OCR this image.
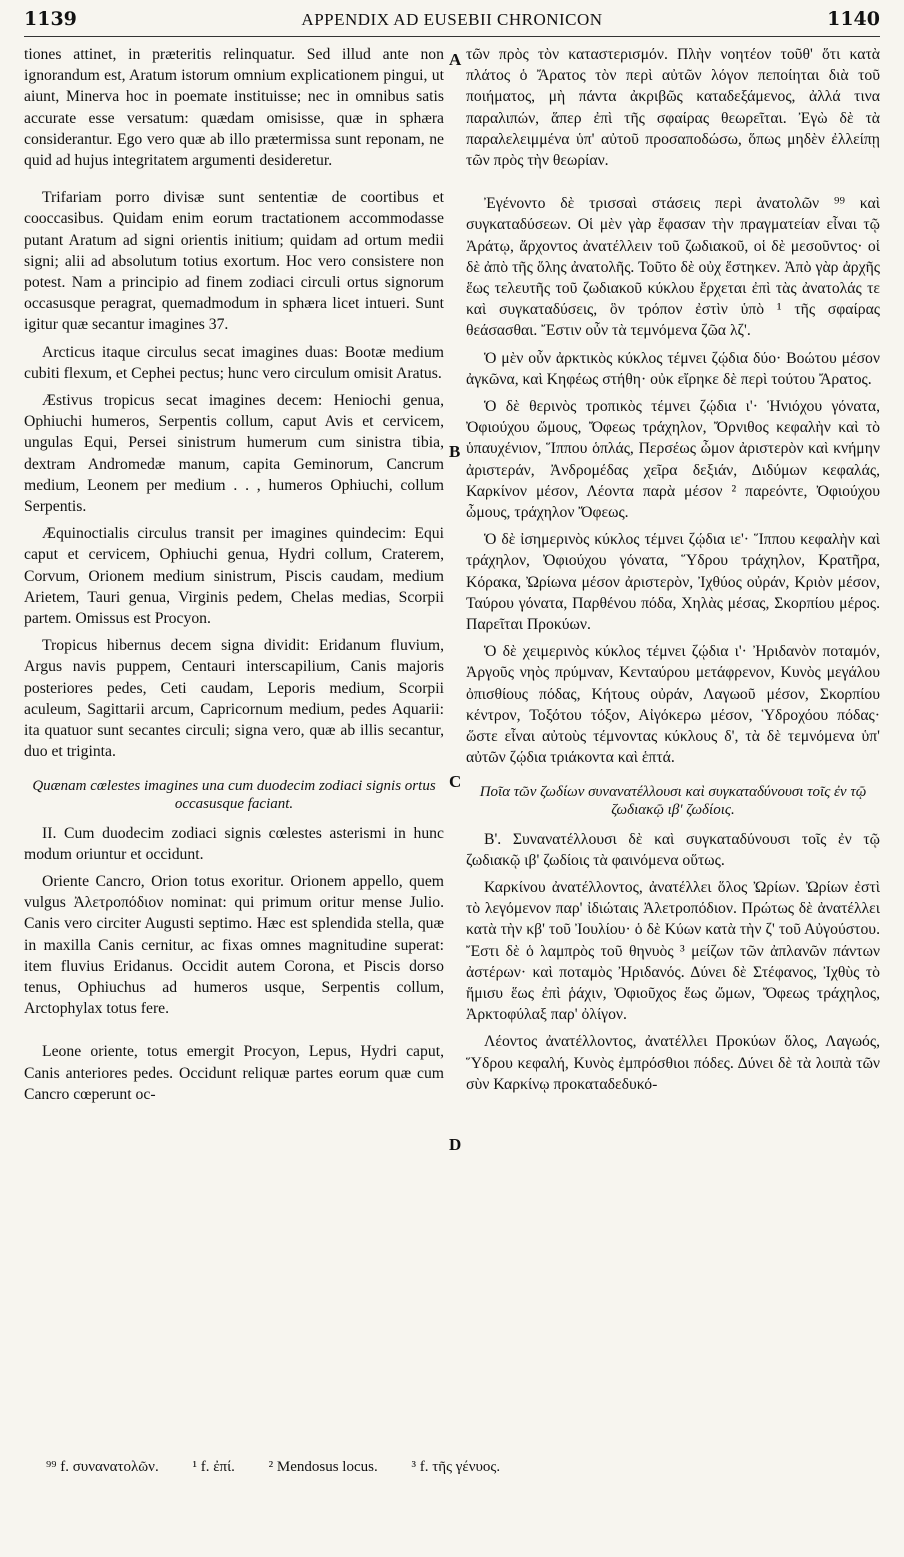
1139	APPENDIX AD EUSEBII CHRONICON	1140

tiones attinet, in præteritis relinquatur. Sed illud ante non ignorandum est, Aratum istorum omnium explicationem pingui, ut aiunt, Minerva hoc in poemate instituisse; nec in omnibus satis accurate esse versatum: quædam omisisse, quæ in sphæra considerantur. Ego vero quæ ab illo prætermissa sunt reponam, ne quid ad hujus integritatem argumenti desideretur.

Trifariam porro divisæ sunt sententiæ de coortibus et cooccasibus. Quidam enim eorum tractationem accommodasse putant Aratum ad signi orientis initium; quidam ad ortum medii signi; alii ad absolutum totius exortum. Hoc vero consistere non potest. Nam a principio ad finem zodiaci circuli ortus signorum occasusque peragrat, quemadmodum in sphæra licet intueri. Sunt igitur quæ secantur imagines 37.

Arcticus itaque circulus secat imagines duas: Bootæ medium cubiti flexum, et Cephei pectus; hunc vero circulum omisit Aratus.

Æstivus tropicus secat imagines decem: Heniochi genua, Ophiuchi humeros, Serpentis collum, caput Avis et cervicem, ungulas Equi, Persei sinistrum humerum cum sinistra tibia, dextram Andromedæ manum, capita Geminorum, Cancrum medium, Leonem per medium . . , humeros Ophiuchi, collum Serpentis.

Æquinoctialis circulus transit per imagines quindecim: Equi caput et cervicem, Ophiuchi genua, Hydri collum, Craterem, Corvum, Orionem medium sinistrum, Piscis caudam, medium Arietem, Tauri genua, Virginis pedem, Chelas medias, Scorpii partem. Omissus est Procyon.

Tropicus hibernus decem signa dividit: Eridanum fluvium, Argus navis puppem, Centauri interscapilium, Canis majoris posteriores pedes, Ceti caudam, Leporis medium, Scorpii aculeum, Sagittarii arcum, Capricornum medium, pedes Aquarii: ita quatuor sunt secantes circuli; signa vero, quæ ab illis secantur, duo et triginta.

Quænam cœlestes imagines una cum duodecim zodiaci signis ortus occasusque faciant.

II. Cum duodecim zodiaci signis cœlestes asterismi in hunc modum oriuntur et occidunt.

Oriente Cancro, Orion totus exoritur. Orionem appello, quem vulgus Ἀλετροπόδιον nominat: qui primum oritur mense Julio. Canis vero circiter Augusti septimo. Hæc est splendida stella, quæ in maxilla Canis cernitur, ac fixas omnes magnitudine superat: item fluvius Eridanus. Occidit autem Corona, et Piscis dorso tenus, Ophiuchus ad humeros usque, Serpentis collum, Arctophylax totus fere.

Leone oriente, totus emergit Procyon, Lepus, Hydri caput, Canis anteriores pedes. Occidunt reliquæ partes eorum quæ cum Cancro cœperunt oc-

τῶν πρὸς τὸν καταστερισμόν. Πλὴν νοητέον τοῦθ' ὅτι κατὰ πλάτος ὁ Ἄρατος τὸν περὶ αὐτῶν λόγον πεποίηται διὰ τοῦ ποιήματος, μὴ πάντα ἀκριβῶς καταδεξάμενος, ἀλλά τινα παραλιπών, ἅπερ ἐπὶ τῆς σφαίρας θεωρεῖται. Ἐγὼ δὲ τὰ παραλελειμμένα ὑπ' αὐτοῦ προσαποδώσω, ὅπως μηδὲν ἐλλείπῃ τῶν πρὸς τὴν θεωρίαν.

Ἐγένοντο δὲ τρισσαὶ στάσεις περὶ ἀνατολῶν ⁹⁹ καὶ συγκαταδύσεων. Οἱ μὲν γὰρ ἔφασαν τὴν πραγματείαν εἶναι τῷ Ἀράτῳ, ἄρχοντος ἀνατέλλειν τοῦ ζωδιακοῦ, οἱ δὲ μεσοῦντος· οἱ δὲ ἀπὸ τῆς ὅλης ἀνατολῆς. Τοῦτο δὲ οὐχ ἕστηκεν. Ἀπὸ γὰρ ἀρχῆς ἕως τελευτῆς τοῦ ζωδιακοῦ κύκλου ἔρχεται ἐπὶ τὰς ἀνατολάς τε καὶ συγκαταδύσεις, ὃν τρόπον ἐστὶν ὑπὸ ¹ τῆς σφαίρας θεάσασθαι. Ἔστιν οὖν τὰ τεμνόμενα ζῶα λζ'.

Ὁ μὲν οὖν ἀρκτικὸς κύκλος τέμνει ζῴδια δύο· Βοώτου μέσον ἀγκῶνα, καὶ Κηφέως στήθη· οὐκ εἴρηκε δὲ περὶ τούτου Ἄρατος.

Ὁ δὲ θερινὸς τροπικὸς τέμνει ζῴδια ι'· Ἡνιόχου γόνατα, Ὀφιούχου ὤμους, Ὄφεως τράχηλον, Ὄρνιθος κεφαλὴν καὶ τὸ ὑπαυχένιον, Ἵππου ὁπλάς, Περσέως ὦμον ἀριστερὸν καὶ κνήμην ἀριστεράν, Ἀνδρομέδας χεῖρα δεξιάν, Διδύμων κεφαλάς, Καρκίνον μέσον, Λέοντα παρὰ μέσον ² παρεόντε, Ὀφιούχου ὦμους, τράχηλον Ὄφεως.

Ὁ δὲ ἰσημερινὸς κύκλος τέμνει ζῴδια ιε'· Ἵππου κεφαλὴν καὶ τράχηλον, Ὀφιούχου γόνατα, Ὕδρου τράχηλον, Κρατῆρα, Κόρακα, Ὠρίωνα μέσον ἀριστερὸν, Ἰχθύος οὐράν, Κριὸν μέσον, Ταύρου γόνατα, Παρθένου πόδα, Χηλὰς μέσας, Σκορπίου μέρος. Παρεῖται Προκύων.

Ὁ δὲ χειμερινὸς κύκλος τέμνει ζῴδια ι'· Ἠριδανὸν ποταμόν, Ἀργοῦς νηὸς πρύμναν, Κενταύρου μετάφρενον, Κυνὸς μεγάλου ὀπισθίους πόδας, Κήτους οὐράν, Λαγωοῦ μέσον, Σκορπίου κέντρον, Τοξότου τόξον, Αἰγόκερω μέσον, Ὑδροχόου πόδας· ὥστε εἶναι αὐτοὺς τέμνοντας κύκλους δ', τὰ δὲ τεμνόμενα ὑπ' αὐτῶν ζῴδια τριάκοντα καὶ ἑπτά.

Ποῖα τῶν ζωδίων συνανατέλλουσι καὶ συγκαταδύνουσι τοῖς ἐν τῷ ζωδιακῷ ιβ' ζωδίοις.

Β'. Συνανατέλλουσι δὲ καὶ συγκαταδύνουσι τοῖς ἐν τῷ ζωδιακῷ ιβ' ζωδίοις τὰ φαινόμενα οὕτως.

Καρκίνου ἀνατέλλοντος, ἀνατέλλει ὅλος Ὠρίων. Ὠρίων ἐστὶ τὸ λεγόμενον παρ' ἰδιώταις Ἀλετροπόδιον. Πρώτως δὲ ἀνατέλλει κατὰ τὴν κβ' τοῦ Ἰουλίου· ὁ δὲ Κύων κατὰ τὴν ζ' τοῦ Αὐγούστου. Ἔστι δὲ ὁ λαμπρὸς τοῦ θηνυὸς ³ μείζων τῶν ἀπλανῶν πάντων ἀστέρων· καὶ ποταμὸς Ἠριδανός. Δύνει δὲ Στέφανος, Ἰχθὺς τὸ ἥμισυ ἕως ἐπὶ ῥάχιν, Ὀφιοῦχος ἕως ὤμων, Ὄφεως τράχηλος, Ἀρκτοφύλαξ παρ' ὀλίγον.

Λέοντος ἀνατέλλοντος, ἀνατέλλει Προκύων ὅλος, Λαγωός, Ὕδρου κεφαλή, Κυνὸς ἐμπρόσθιοι πόδες. Δύνει δὲ τὰ λοιπὰ τῶν σὺν Καρκίνῳ προκαταδεδυκό-

A
B
C
D
⁹⁹ f. συνανατολῶν. ¹ f. ἐπί. ² Mendosus locus. ³ f. τῆς γένυος.
